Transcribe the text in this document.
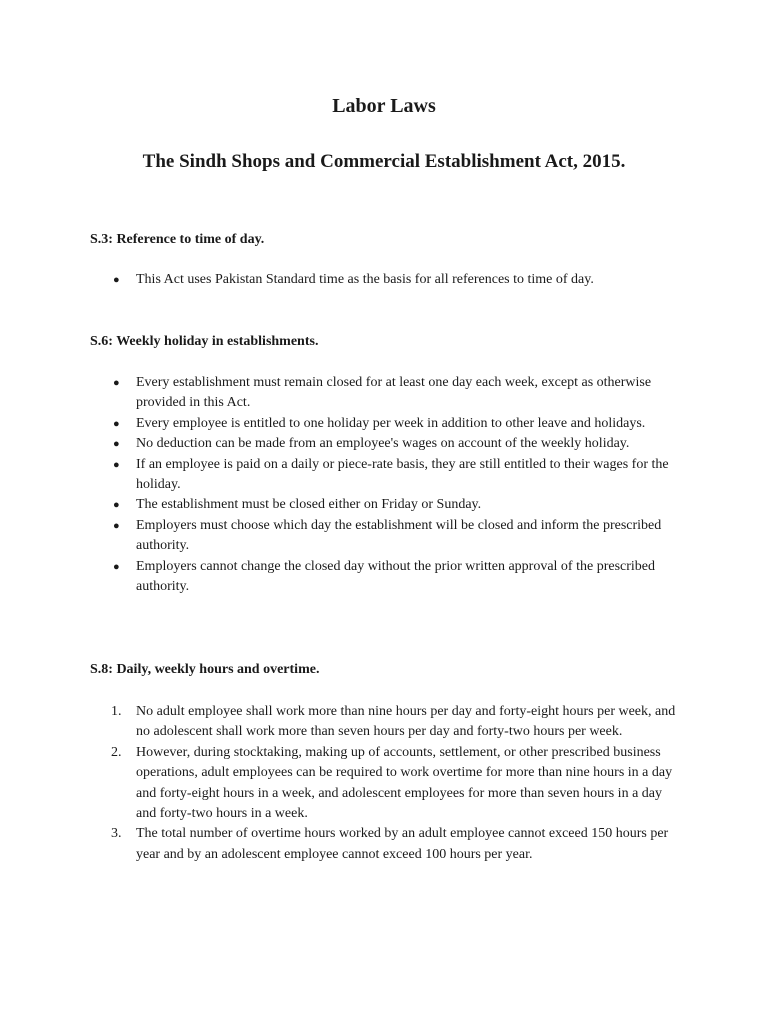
Labor Laws
The Sindh Shops and Commercial Establishment Act, 2015.
S.3: Reference to time of day.
● This Act uses Pakistan Standard time as the basis for all references to time of day.
S.6: Weekly holiday in establishments.
● Every establishment must remain closed for at least one day each week, except as otherwise provided in this Act.
● Every employee is entitled to one holiday per week in addition to other leave and holidays.
● No deduction can be made from an employee's wages on account of the weekly holiday.
● If an employee is paid on a daily or piece-rate basis, they are still entitled to their wages for the holiday.
● The establishment must be closed either on Friday or Sunday.
● Employers must choose which day the establishment will be closed and inform the prescribed authority.
● Employers cannot change the closed day without the prior written approval of the prescribed authority.
S.8: Daily, weekly hours and overtime.
1. No adult employee shall work more than nine hours per day and forty-eight hours per week, and no adolescent shall work more than seven hours per day and forty-two hours per week.
2. However, during stocktaking, making up of accounts, settlement, or other prescribed business operations, adult employees can be required to work overtime for more than nine hours in a day and forty-eight hours in a week, and adolescent employees for more than seven hours in a day and forty-two hours in a week.
3. The total number of overtime hours worked by an adult employee cannot exceed 150 hours per year and by an adolescent employee cannot exceed 100 hours per year.
